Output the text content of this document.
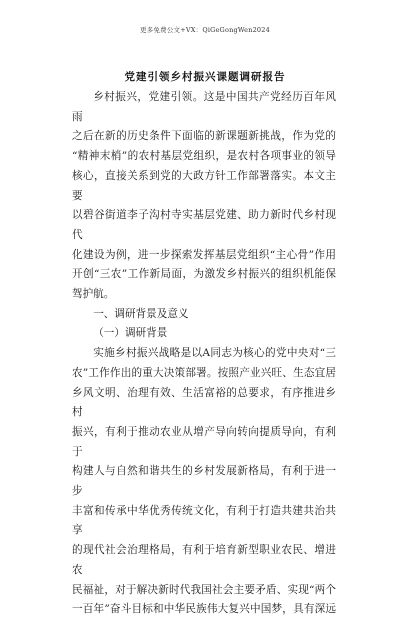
更多免费公文+VX：QiGeGongWen2024
党建引领乡村振兴课题调研报告

乡村振兴，党建引领。这是中国共产党经历百年风雨

之后在新的历史条件下面临的新课题新挑战，作为党的

“精神末梢”的农村基层党组织，是农村各项事业的领导

核心，直接关系到党的大政方针工作部署落实。本文主要

以碧谷街道李子沟村寺实基层党建、助力新时代乡村现代

化建设为例，进一步探索发挥基层党组织“主心骨”作用

开创“三农”工作新局面，为激发乡村振兴的组织机能保

驾护航。

一、调研背景及意义

（一）调研背景

实施乡村振兴战略是以A同志为核心的党中央对“三

农”工作作出的重大决策部署。按照产业兴旺、生态宜居

乡风文明、治理有效、生活富裕的总要求，有序推进乡村

振兴，有利于推动农业从增产导向转向提质导向，有利于

构建人与自然和谐共生的乡村发展新格局，有利于进一步

丰富和传承中华优秀传统文化，有利于打造共建共治共享

的现代社会治理格局，有利于培育新型职业农民、增进农

民福祉，对于解决新时代我国社会主要矛盾、实现“两个

一百年”奋斗目标和中华民族伟大复兴中国梦，具有深远
